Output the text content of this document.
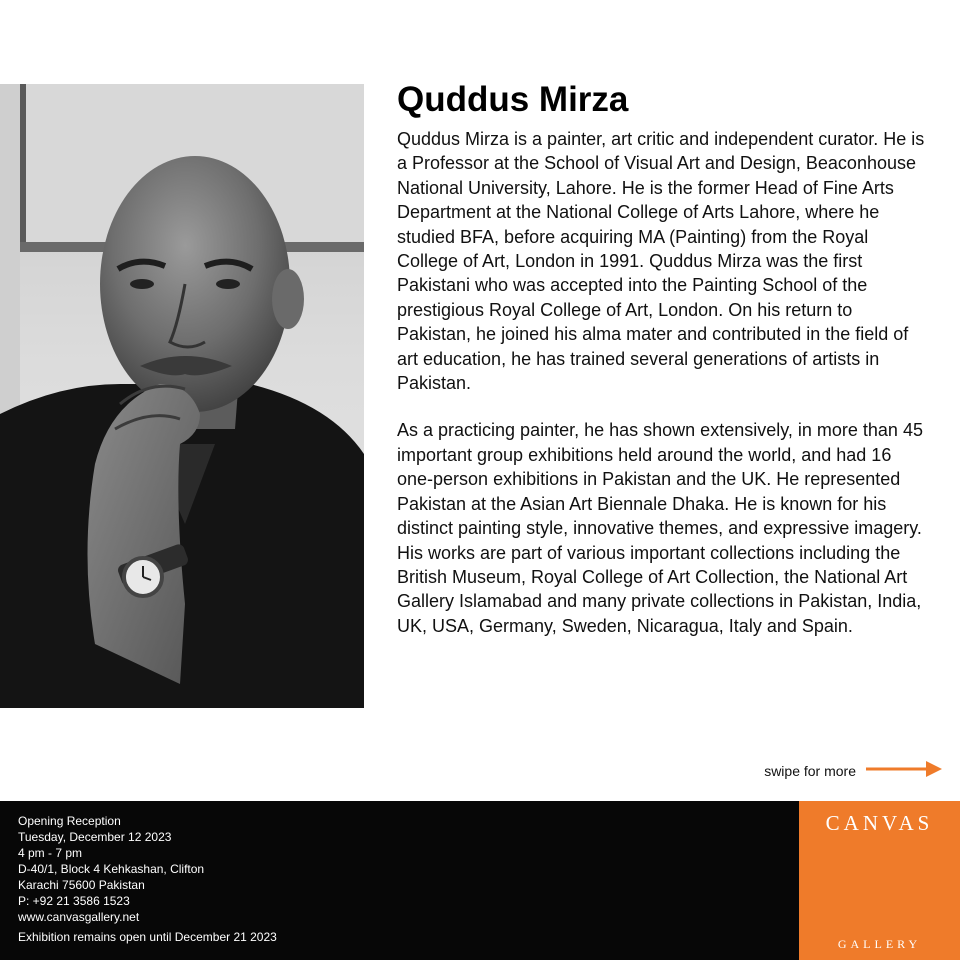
Quddus Mirza

Quddus Mirza is a painter, art critic and independent curator. He is a Professor at the School of Visual Art and Design, Beaconhouse National University, Lahore. He is the former Head of Fine Arts Department at the National College of Arts Lahore, where he studied BFA, before acquiring MA (Painting) from the Royal College of Art, London in 1991. Quddus Mirza was the first Pakistani who was accepted into the Painting School of the prestigious Royal College of Art, London. On his return to Pakistan, he joined his alma mater and contributed in the field of art education, he has trained several generations of artists in Pakistan.

As a practicing painter, he has shown extensively, in more than 45 important group exhibitions held around the world, and had 16 one-person exhibitions in Pakistan and the UK. He represented Pakistan at the Asian Art Biennale Dhaka. He is known for his distinct painting style, innovative themes, and expressive imagery. His works are part of various important collections including the British Museum, Royal College of Art Collection, the National Art Gallery Islamabad and many private collections in Pakistan, India, UK, USA, Germany, Sweden, Nicaragua, Italy and Spain.

swipe for more
Opening Reception
Tuesday, December 12 2023
4 pm - 7 pm
D-40/1, Block 4 Kehkashan, Clifton
Karachi 75600 Pakistan
P: +92 21 3586 1523
www.canvasgallery.net
Exhibition remains open until December 21 2023
CANVAS
GALLERY
